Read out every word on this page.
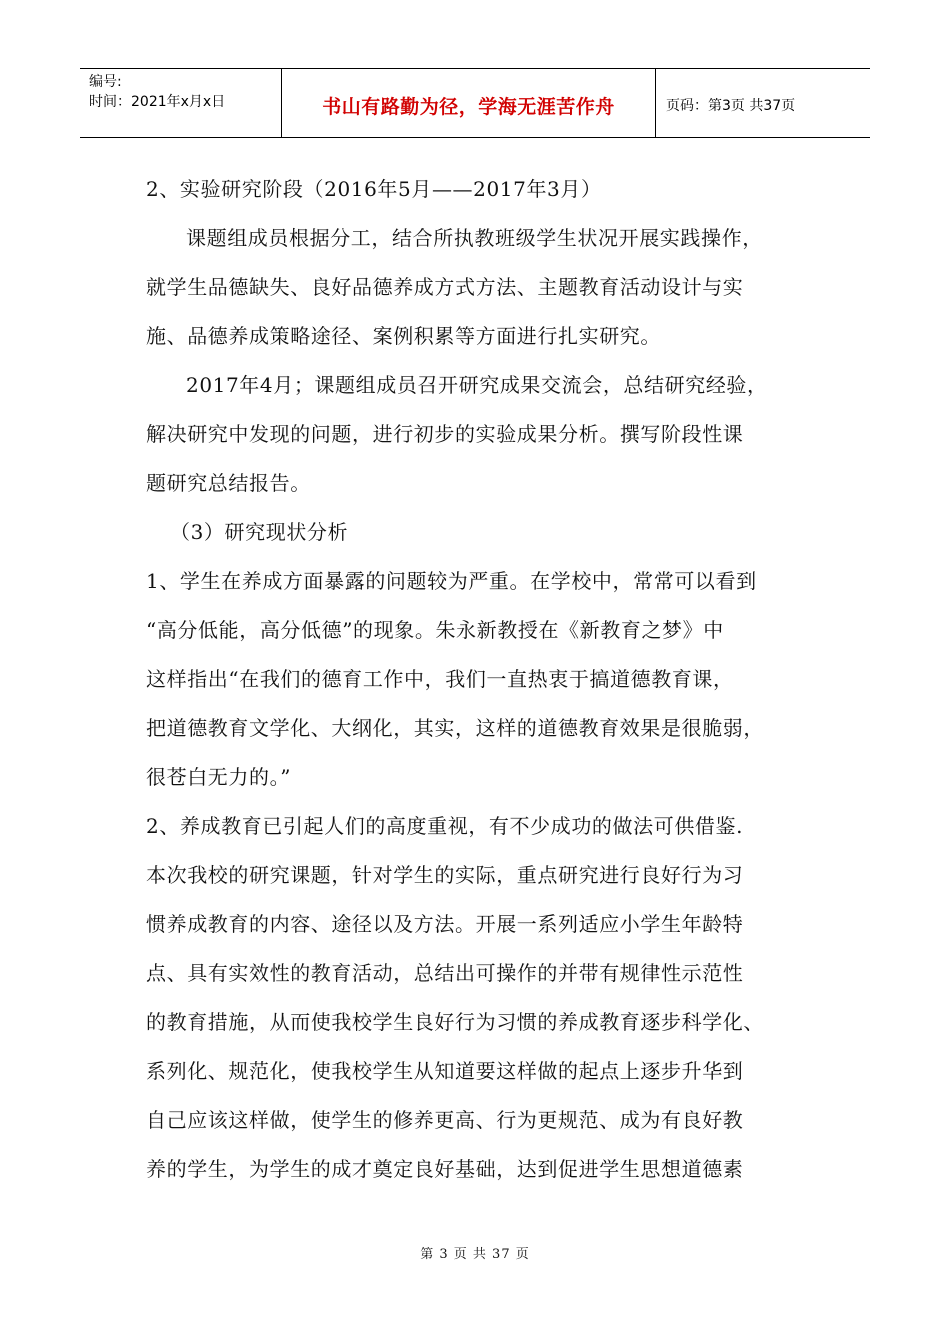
编号:
时间：2021年x月x日	书山有路勤为径，学海无涯苦作舟	页码：第3页 共37页

2、实验研究阶段（2016年5月——2017年3月）

课题组成员根据分工，结合所执教班级学生状况开展实践操作，

就学生品德缺失、良好品德养成方式方法、主题教育活动设计与实

施、品德养成策略途径、案例积累等方面进行扎实研究。

2017年4月；课题组成员召开研究成果交流会，总结研究经验，

解决研究中发现的问题，进行初步的实验成果分析。撰写阶段性课

题研究总结报告。

（3）研究现状分析

1、学生在养成方面暴露的问题较为严重。在学校中，常常可以看到

“高分低能，高分低德”的现象。朱永新教授在《新教育之梦》中

这样指出“在我们的德育工作中，我们一直热衷于搞道德教育课，

把道德教育文学化、大纲化，其实，这样的道德教育效果是很脆弱，

很苍白无力的。”

2、养成教育已引起人们的高度重视，有不少成功的做法可供借鉴.

本次我校的研究课题，针对学生的实际，重点研究进行良好行为习

惯养成教育的内容、途径以及方法。开展一系列适应小学生年龄特

点、具有实效性的教育活动，总结出可操作的并带有规律性示范性

的教育措施，从而使我校学生良好行为习惯的养成教育逐步科学化、

系列化、规范化，使我校学生从知道要这样做的起点上逐步升华到

自己应该这样做，使学生的修养更高、行为更规范、成为有良好教

养的学生，为学生的成才奠定良好基础，达到促进学生思想道德素

第 3 页 共 37 页
